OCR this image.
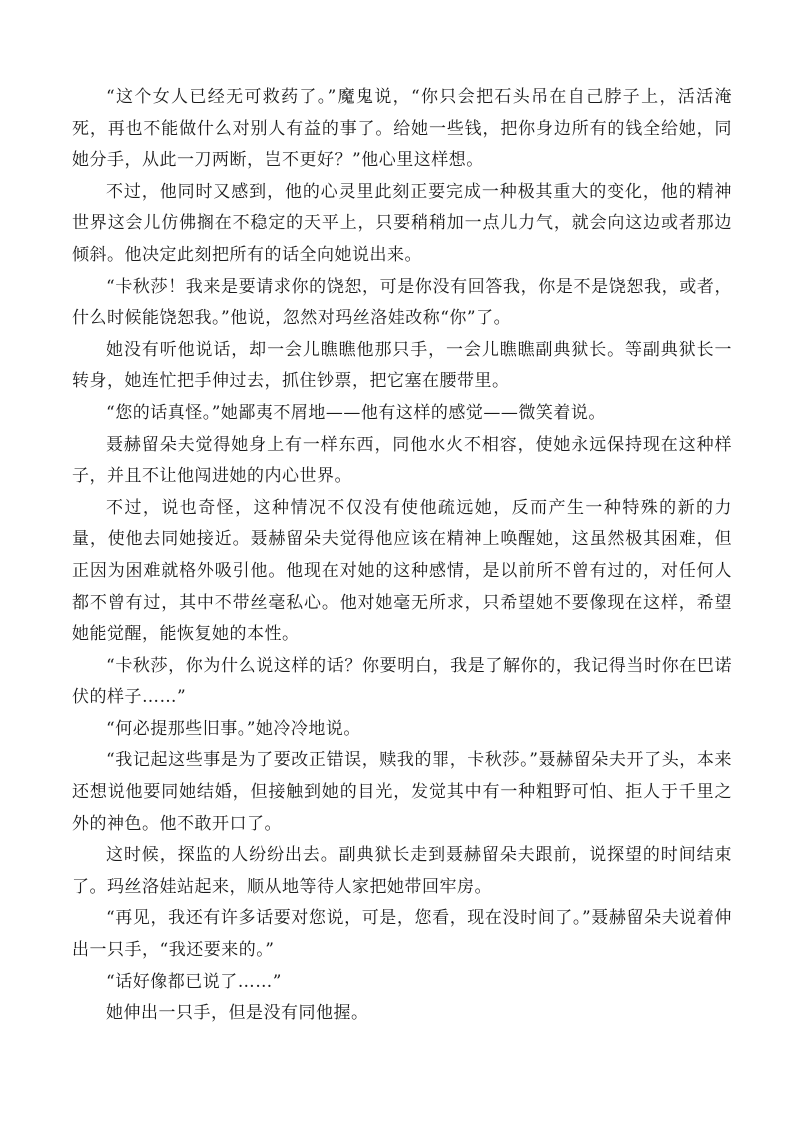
“这个女人已经无可救药了。”魔鬼说，“你只会把石头吊在自己脖子上，活活淹死，再也不能做什么对别人有益的事了。给她一些钱，把你身边所有的钱全给她，同她分手，从此一刀两断，岂不更好？”他心里这样想。

不过，他同时又感到，他的心灵里此刻正要完成一种极其重大的变化，他的精神世界这会儿仿佛搁在不稳定的天平上，只要稍稍加一点儿力气，就会向这边或者那边倾斜。他决定此刻把所有的话全向她说出来。

“卡秋莎！我来是要请求你的饶恕，可是你没有回答我，你是不是饶恕我，或者，什么时候能饶恕我。”他说，忽然对玛丝洛娃改称“你”了。

她没有听他说话，却一会儿瞧瞧他那只手，一会儿瞧瞧副典狱长。等副典狱长一转身，她连忙把手伸过去，抓住钞票，把它塞在腰带里。

“您的话真怪。”她鄙夷不屑地——他有这样的感觉——微笑着说。

聂赫留朵夫觉得她身上有一样东西，同他水火不相容，使她永远保持现在这种样子，并且不让他闯进她的内心世界。

不过，说也奇怪，这种情况不仅没有使他疏远她，反而产生一种特殊的新的力量，使他去同她接近。聂赫留朵夫觉得他应该在精神上唤醒她，这虽然极其困难，但正因为困难就格外吸引他。他现在对她的这种感情，是以前所不曾有过的，对任何人都不曾有过，其中不带丝毫私心。他对她毫无所求，只希望她不要像现在这样，希望她能觉醒，能恢复她的本性。

“卡秋莎，你为什么说这样的话？你要明白，我是了解你的，我记得当时你在巴诺伏的样子……”

“何必提那些旧事。”她冷冷地说。

“我记起这些事是为了要改正错误，赎我的罪，卡秋莎。”聂赫留朵夫开了头，本来还想说他要同她结婚，但接触到她的目光，发觉其中有一种粗野可怕、拒人于千里之外的神色。他不敢开口了。

这时候，探监的人纷纷出去。副典狱长走到聂赫留朵夫跟前，说探望的时间结束了。玛丝洛娃站起来，顺从地等待人家把她带回牢房。

“再见，我还有许多话要对您说，可是，您看，现在没时间了。”聂赫留朵夫说着伸出一只手，“我还要来的。”

“话好像都已说了……”

她伸出一只手，但是没有同他握。
